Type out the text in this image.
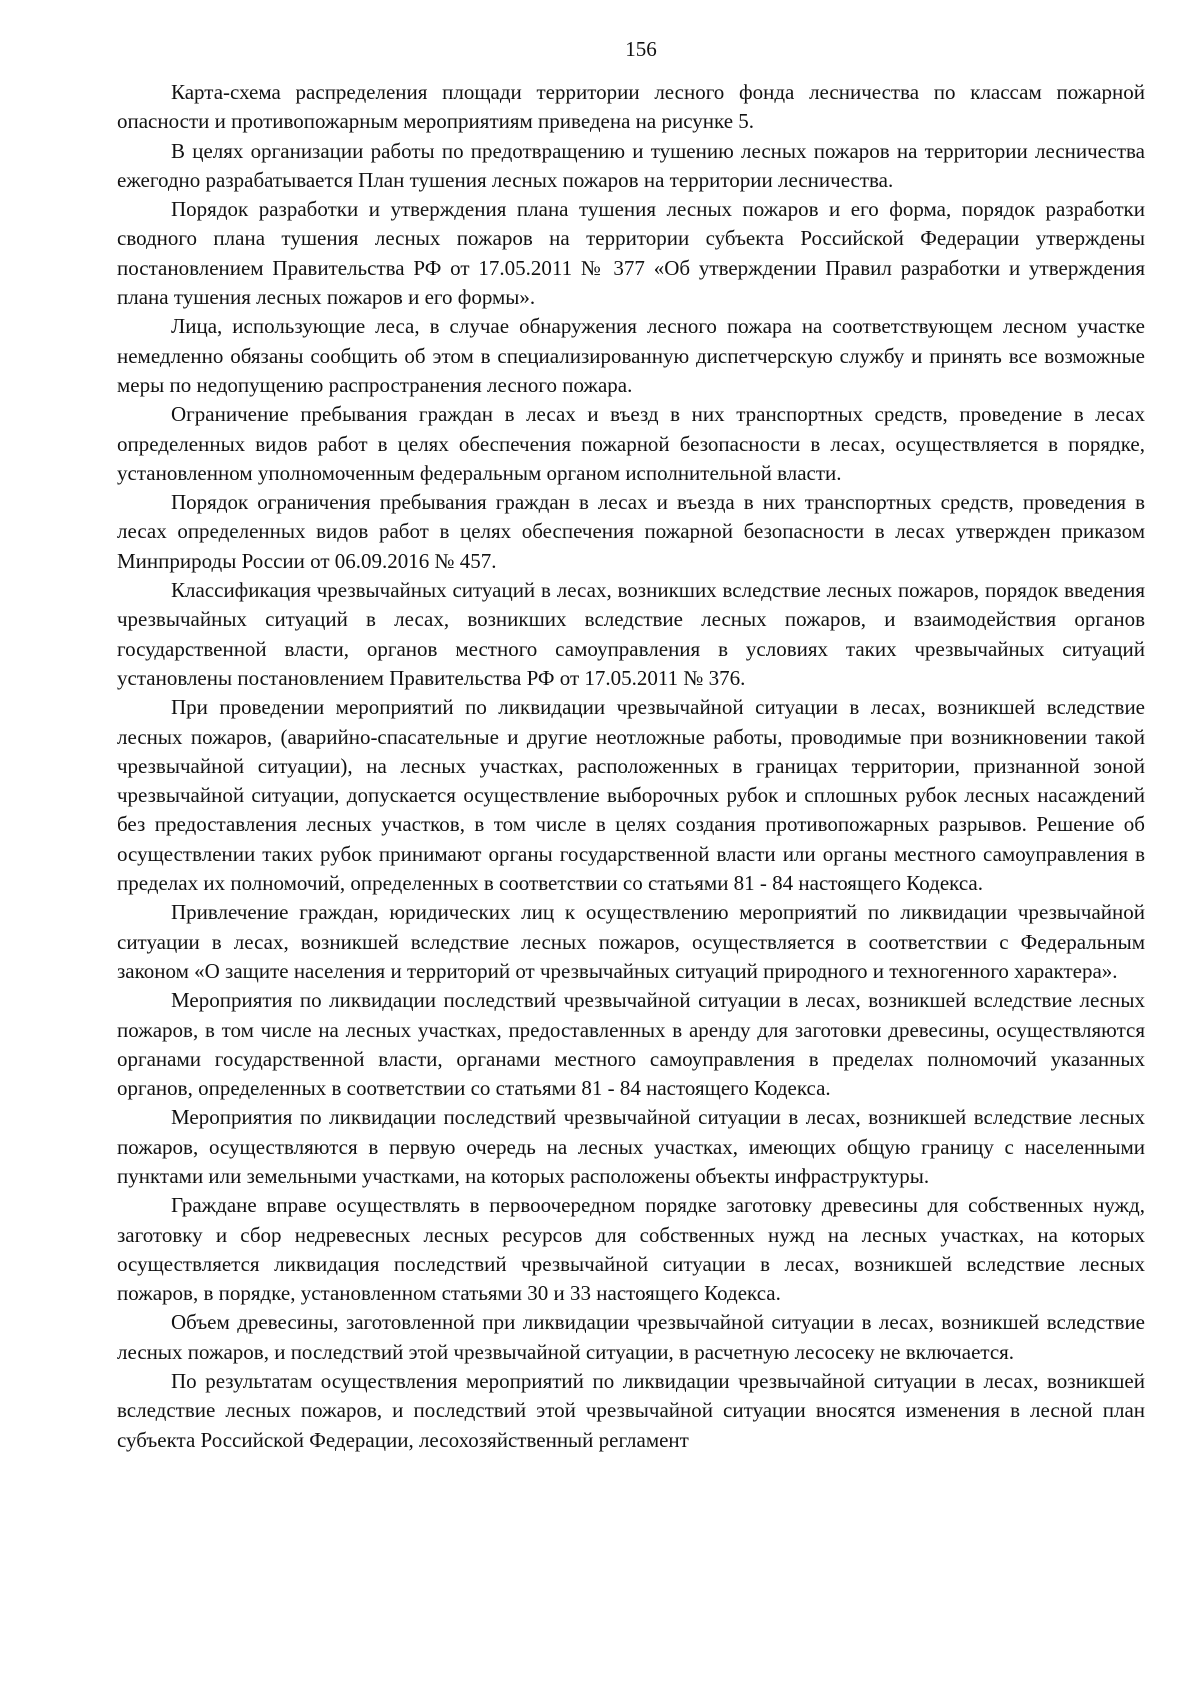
156

Карта-схема распределения площади территории лесного фонда лесничества по классам пожарной опасности и противопожарным мероприятиям приведена на рисунке 5.

В целях организации работы по предотвращению и тушению лесных пожаров на территории лесничества ежегодно разрабатывается План тушения лесных пожаров на территории лесничества.

Порядок разработки и утверждения плана тушения лесных пожаров и его форма, порядок разработки сводного плана тушения лесных пожаров на территории субъекта Российской Федерации утверждены постановлением Правительства РФ от 17.05.2011 № 377 «Об утверждении Правил разработки и утверждения плана тушения лесных пожаров и его формы».

Лица, использующие леса, в случае обнаружения лесного пожара на соответствующем лесном участке немедленно обязаны сообщить об этом в специализированную диспетчерскую службу и принять все возможные меры по недопущению распространения лесного пожара.

Ограничение пребывания граждан в лесах и въезд в них транспортных средств, проведение в лесах определенных видов работ в целях обеспечения пожарной безопасности в лесах, осуществляется в порядке, установленном уполномоченным федеральным органом исполнительной власти.

Порядок ограничения пребывания граждан в лесах и въезда в них транспортных средств, проведения в лесах определенных видов работ в целях обеспечения пожарной безопасности в лесах утвержден приказом Минприроды России от 06.09.2016 № 457.

Классификация чрезвычайных ситуаций в лесах, возникших вследствие лесных пожаров, порядок введения чрезвычайных ситуаций в лесах, возникших вследствие лесных пожаров, и взаимодействия органов государственной власти, органов местного самоуправления в условиях таких чрезвычайных ситуаций установлены постановлением Правительства РФ от 17.05.2011 № 376.

При проведении мероприятий по ликвидации чрезвычайной ситуации в лесах, возникшей вследствие лесных пожаров, (аварийно-спасательные и другие неотложные работы, проводимые при возникновении такой чрезвычайной ситуации), на лесных участках, расположенных в границах территории, признанной зоной чрезвычайной ситуации, допускается осуществление выборочных рубок и сплошных рубок лесных насаждений без предоставления лесных участков, в том числе в целях создания противопожарных разрывов. Решение об осуществлении таких рубок принимают органы государственной власти или органы местного самоуправления в пределах их полномочий, определенных в соответствии со статьями 81 - 84 настоящего Кодекса.

Привлечение граждан, юридических лиц к осуществлению мероприятий по ликвидации чрезвычайной ситуации в лесах, возникшей вследствие лесных пожаров, осуществляется в соответствии с Федеральным законом «О защите населения и территорий от чрезвычайных ситуаций природного и техногенного характера».

Мероприятия по ликвидации последствий чрезвычайной ситуации в лесах, возникшей вследствие лесных пожаров, в том числе на лесных участках, предоставленных в аренду для заготовки древесины, осуществляются органами государственной власти, органами местного самоуправления в пределах полномочий указанных органов, определенных в соответствии со статьями 81 - 84 настоящего Кодекса.

Мероприятия по ликвидации последствий чрезвычайной ситуации в лесах, возникшей вследствие лесных пожаров, осуществляются в первую очередь на лесных участках, имеющих общую границу с населенными пунктами или земельными участками, на которых расположены объекты инфраструктуры.

Граждане вправе осуществлять в первоочередном порядке заготовку древесины для собственных нужд, заготовку и сбор недревесных лесных ресурсов для собственных нужд на лесных участках, на которых осуществляется ликвидация последствий чрезвычайной ситуации в лесах, возникшей вследствие лесных пожаров, в порядке, установленном статьями 30 и 33 настоящего Кодекса.

Объем древесины, заготовленной при ликвидации чрезвычайной ситуации в лесах, возникшей вследствие лесных пожаров, и последствий этой чрезвычайной ситуации, в расчетную лесосеку не включается.

По результатам осуществления мероприятий по ликвидации чрезвычайной ситуации в лесах, возникшей вследствие лесных пожаров, и последствий этой чрезвычайной ситуации вносятся изменения в лесной план субъекта Российской Федерации, лесохозяйственный регламент
